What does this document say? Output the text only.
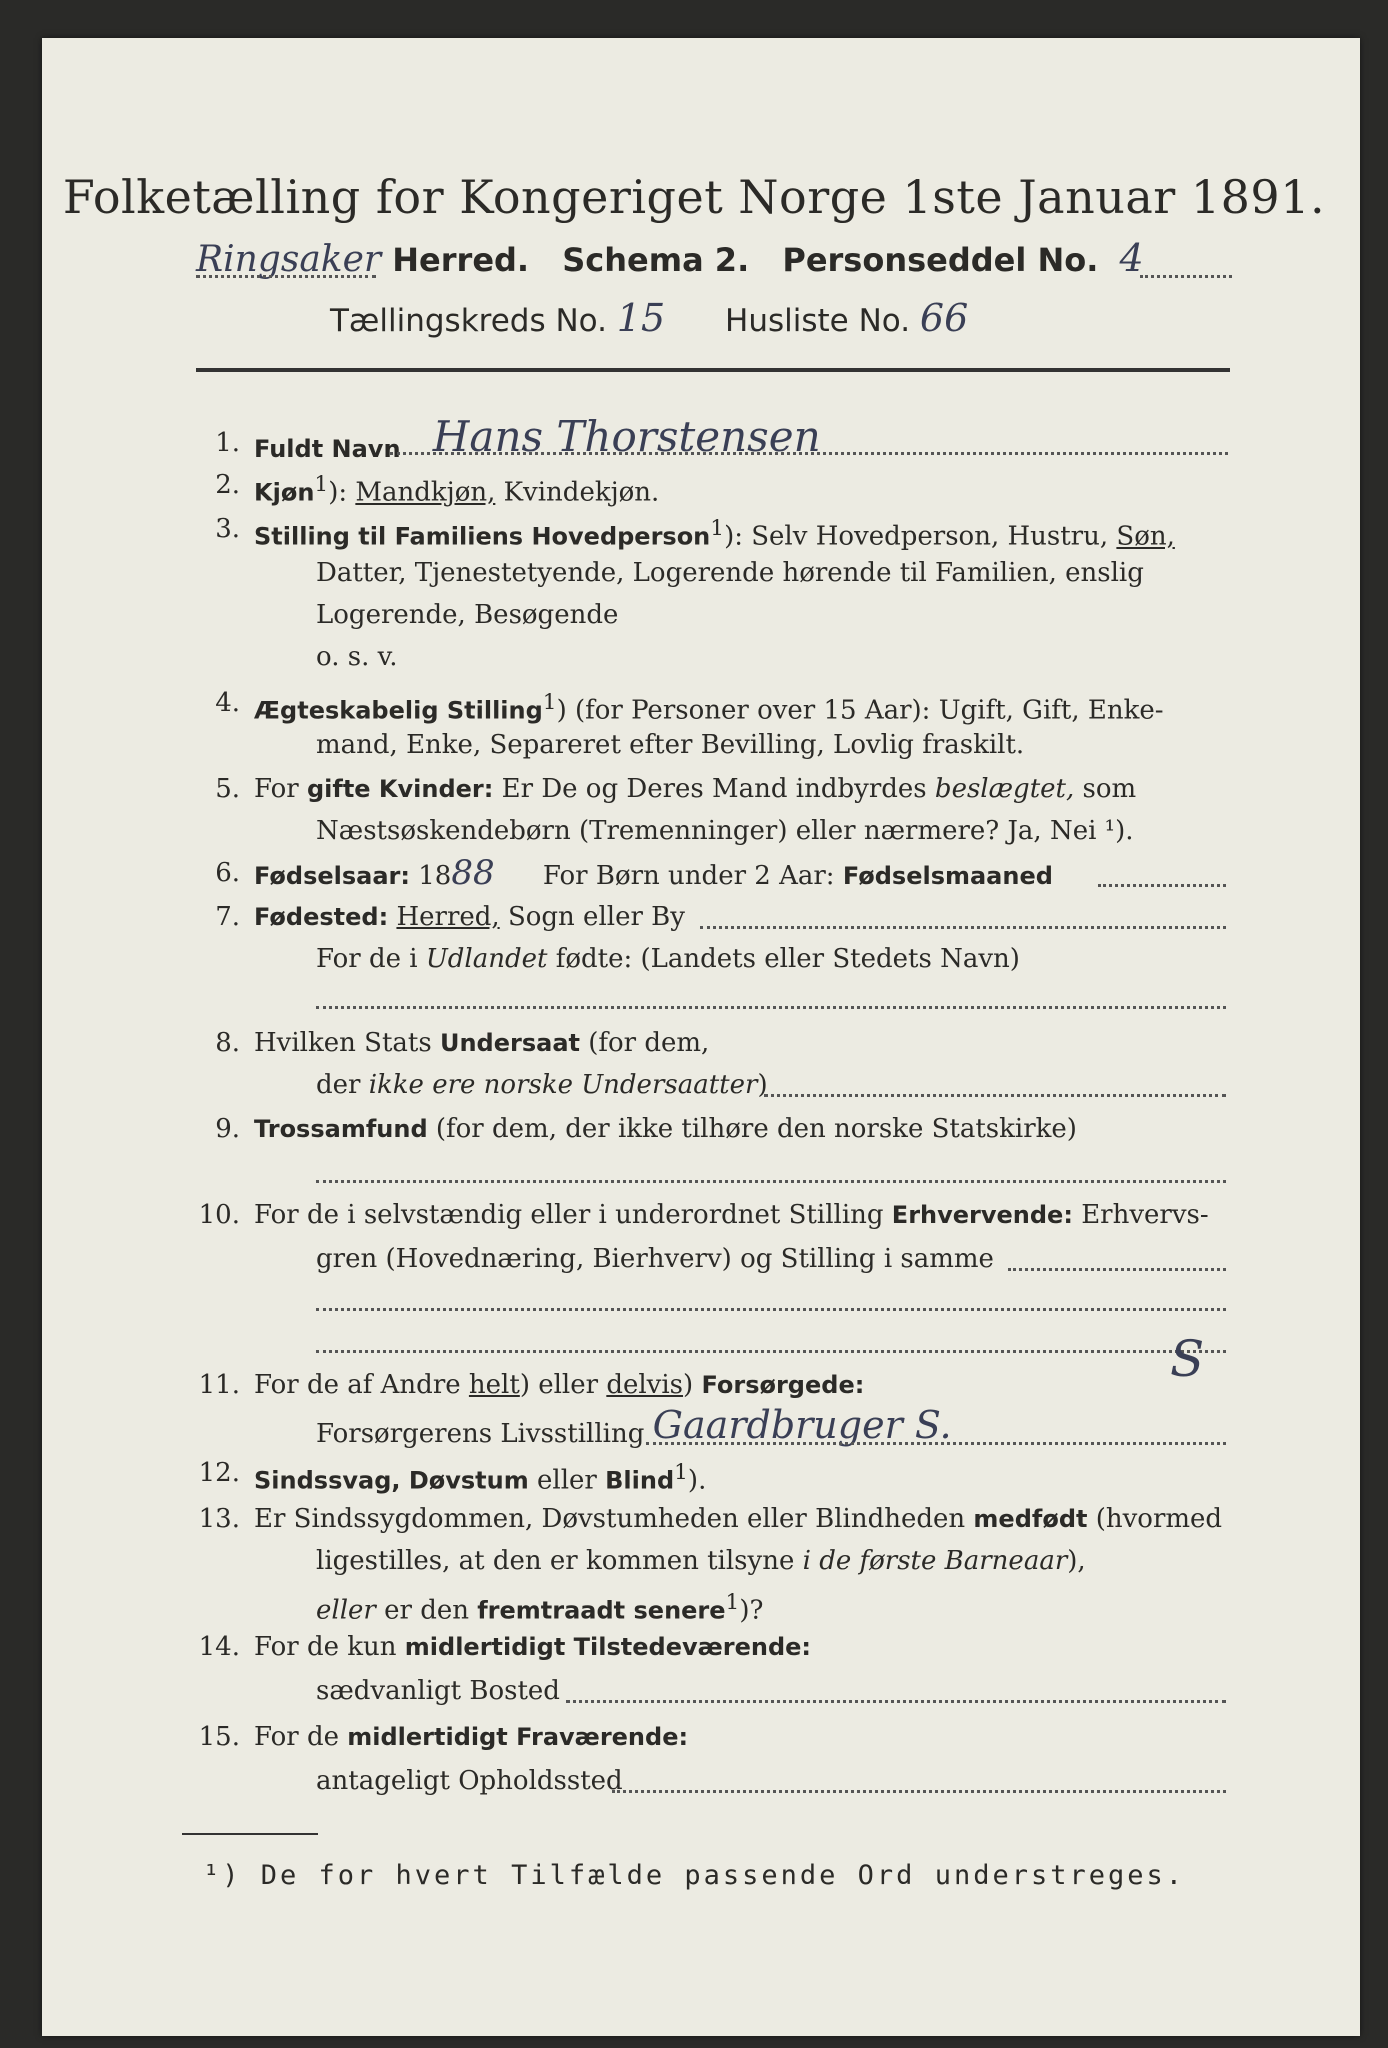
Folketælling for Kongeriget Norge 1ste Januar 1891.
Ringsaker Herred. Schema 2. Personseddel No. 4
Tællingskreds No. 15 Husliste No. 66
1. Fuldt Navn Hans Thorstensen
2. Kjøn$^1$): Mandkjøn, Kvindekjøn.
3. Stilling til Familiens Hovedperson$^1$): Selv Hovedperson, Hustru, Søn,
Datter, Tjenestetyende, Logerende hørende til Familien, enslig
Logerende, Besøgende
o. s. v.
4. Ægteskabelig Stilling$^1$) (for Personer over 15 Aar): Ugift, Gift, Enke-
mand, Enke, Separeret efter Bevilling, Lovlig fraskilt.
5. For gifte Kvinder: Er De og Deres Mand indbyrdes beslægtet, som
Næstsøskendebørn (Tremenninger) eller nærmere? Ja, Nei ¹).
6. Fødselsaar: 1888 For Børn under 2 Aar: Fødselsmaaned
7. Fødested: Herred, Sogn eller By
For de i Udlandet fødte: (Landets eller Stedets Navn)
8. Hvilken Stats Undersaat (for dem,
der ikke ere norske Undersaatter)
9. Trossamfund (for dem, der ikke tilhøre den norske Statskirke)
10. For de i selvstændig eller i underordnet Stilling Erhvervende: Erhvervs-
gren (Hovednæring, Bierhverv) og Stilling i samme
11. For de af Andre helt) eller delvis) Forsørgede:
Forsørgerens Livsstilling Gaardbruger S.
S
12. Sindssvag, Døvstum eller Blind$^1$).
13. Er Sindssygdommen, Døvstumheden eller Blindheden medfødt (hvormed
ligestilles, at den er kommen tilsyne i de første Barneaar),
eller er den fremtraadt senere$^1$)?
14. For de kun midlertidigt Tilstedeværende:
sædvanligt Bosted
15. For de midlertidigt Fraværende:
antageligt Opholdssted
¹) De for hvert Tilfælde passende Ord understreges.
